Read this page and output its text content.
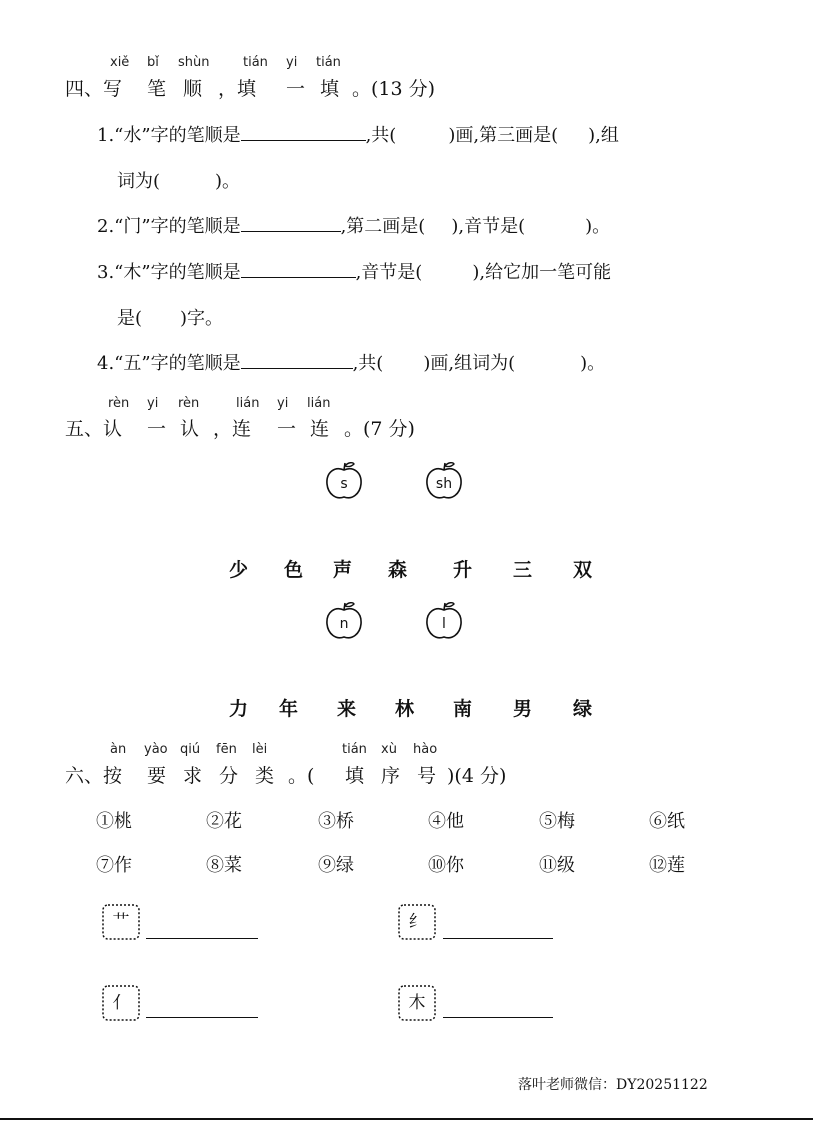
xiě bǐ shùn	tián yi tián
四、写 笔 顺 ，填 一 填 。(13 分)
1.“水”字的笔顺是	,共(	)画,第三画是( ),组
词为(	)。
2.“门”字的笔顺是	,第二画是( ),音节是(	)。
3.“木”字的笔顺是	,音节是(	),给它加一笔可能
是( )字。
4.“五”字的笔顺是	,共( )画,组词为(	)。
rèn yi rèn	lián yi lián
五、认 一 认 ，连 一 连 。(7 分)
s	sh
少 色 声 森 升 三 双
n	l
力 年 来 林 南 男 绿
àn yào qiú fēn lèi	tián xù hào
六、按 要 求 分 类 。( 填 序 号 )(4 分)
①桃	②花	③桥	④他	⑤梅	⑥纸
⑦作	⑧菜	⑨绿	⑩你	⑪级	⑫莲
艹	纟
亻	木
落叶老师微信：DY20251122
